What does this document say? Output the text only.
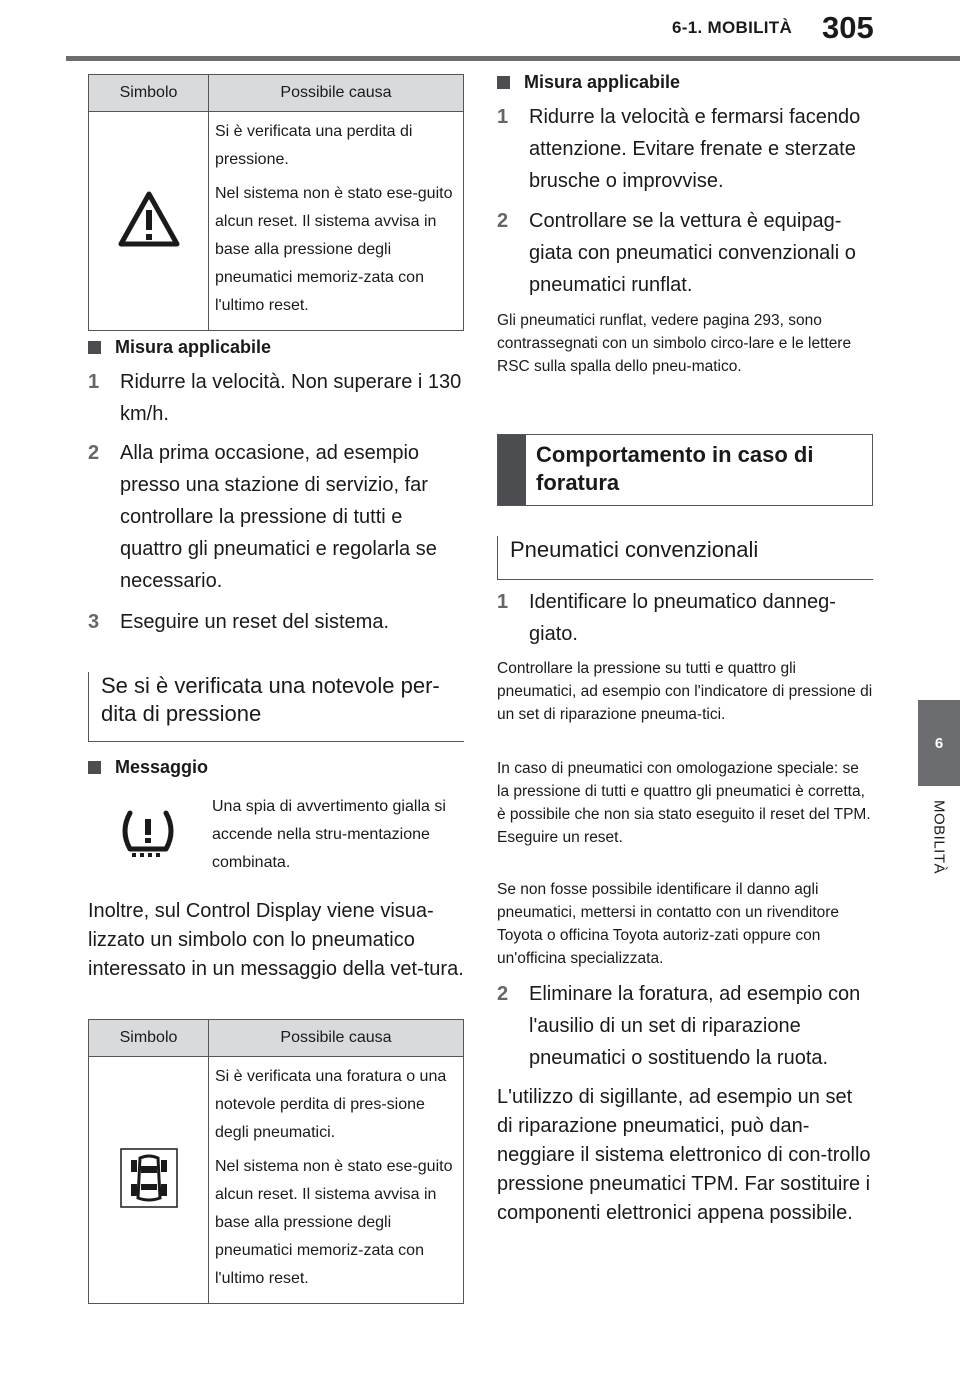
6-1. MOBILITÀ 305
6
MOBILITÀ
Simbolo	Possibile causa

Si è verificata una perdita di pressione.

Nel sistema non è stato ese-guito alcun reset. Il sistema avvisa in base alla pressione degli pneumatici memoriz-zata con l'ultimo reset.

Misura applicabile
1	Ridurre la velocità. Non superare i 130 km/h.
2	Alla prima occasione, ad esempio presso una stazione di servizio, far controllare la pressione di tutti e quattro gli pneumatici e regolarla se necessario.
3	Eseguire un reset del sistema.
Se si è verificata una notevole per-dita di pressione
Messaggio
Una spia di avvertimento gialla si accende nella stru-mentazione combinata.
Inoltre, sul Control Display viene visua-lizzato un simbolo con lo pneumatico interessato in un messaggio della vet-tura.
Simbolo	Possibile causa

Si è verificata una foratura o una notevole perdita di pres-sione degli pneumatici.

Nel sistema non è stato ese-guito alcun reset. Il sistema avvisa in base alla pressione degli pneumatici memoriz-zata con l'ultimo reset.

Misura applicabile
1	Ridurre la velocità e fermarsi facendo attenzione. Evitare frenate e sterzate brusche o improvvise.
2	Controllare se la vettura è equipag-giata con pneumatici convenzionali o pneumatici runflat.
Gli pneumatici runflat, vedere pagina 293, sono contrassegnati con un simbolo circo-lare e le lettere RSC sulla spalla dello pneu-matico.
Comportamento in caso di foratura
Pneumatici convenzionali
1	Identificare lo pneumatico danneg-giato.
Controllare la pressione su tutti e quattro gli pneumatici, ad esempio con l'indicatore di pressione di un set di riparazione pneuma-tici.
In caso di pneumatici con omologazione speciale: se la pressione di tutti e quattro gli pneumatici è corretta, è possibile che non sia stato eseguito il reset del TPM. Eseguire un reset.
Se non fosse possibile identificare il danno agli pneumatici, mettersi in contatto con un rivenditore Toyota o officina Toyota autoriz-zati oppure con un'officina specializzata.
2	Eliminare la foratura, ad esempio con l'ausilio di un set di riparazione pneumatici o sostituendo la ruota.
L'utilizzo di sigillante, ad esempio un set di riparazione pneumatici, può dan-neggiare il sistema elettronico di con-trollo pressione pneumatici TPM. Far sostituire i componenti elettronici appena possibile.
